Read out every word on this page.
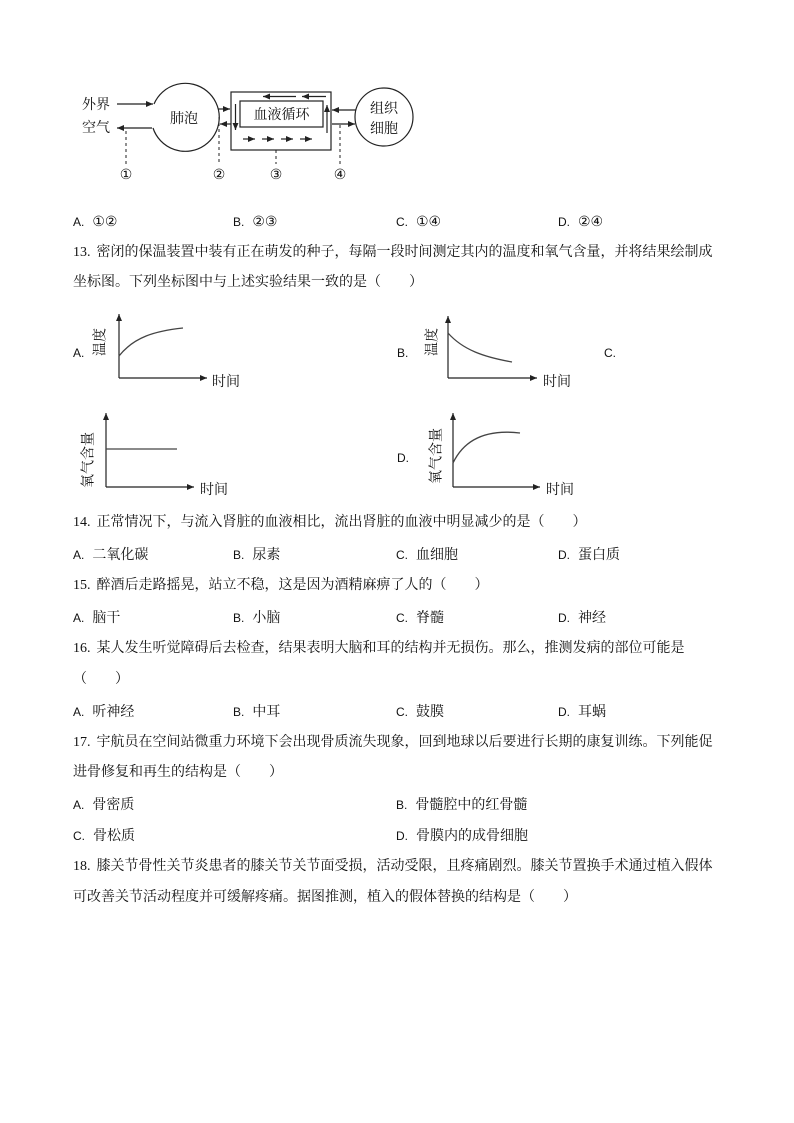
外界
空气
肺泡	血液循环	组织
细胞
①	②	③	④
A. 温度
时间
B. 温度
时间
C.
氧气含量
时间
D. 氧气含量
时间
A. ①②	B. ②③	C. ①④	D. ②④
13. 密闭的保温装置中装有正在萌发的种子，每隔一段时间测定其内的温度和氧气含量，并将结果绘制成
坐标图。下列坐标图中与上述实验结果一致的是（　　）
14. 正常情况下，与流入肾脏的血液相比，流出肾脏的血液中明显减少的是（　　）
A. 二氧化碳	B. 尿素	C. 血细胞	D. 蛋白质
15. 醉酒后走路摇晃，站立不稳，这是因为酒精麻痹了人的（　　）
A. 脑干	B. 小脑	C. 脊髓	D. 神经
16. 某人发生听觉障碍后去检查，结果表明大脑和耳的结构并无损伤。那么，推测发病的部位可能是
（　　）
A. 听神经	B. 中耳	C. 鼓膜	D. 耳蜗
17. 宇航员在空间站微重力环境下会出现骨质流失现象，回到地球以后要进行长期的康复训练。下列能促
进骨修复和再生的结构是（　　）
A. 骨密质	B. 骨髓腔中的红骨髓
C. 骨松质	D. 骨膜内的成骨细胞
18. 膝关节骨性关节炎患者的膝关节关节面受损，活动受限，且疼痛剧烈。膝关节置换手术通过植入假体
可改善关节活动程度并可缓解疼痛。据图推测，植入的假体替换的结构是（　　）
